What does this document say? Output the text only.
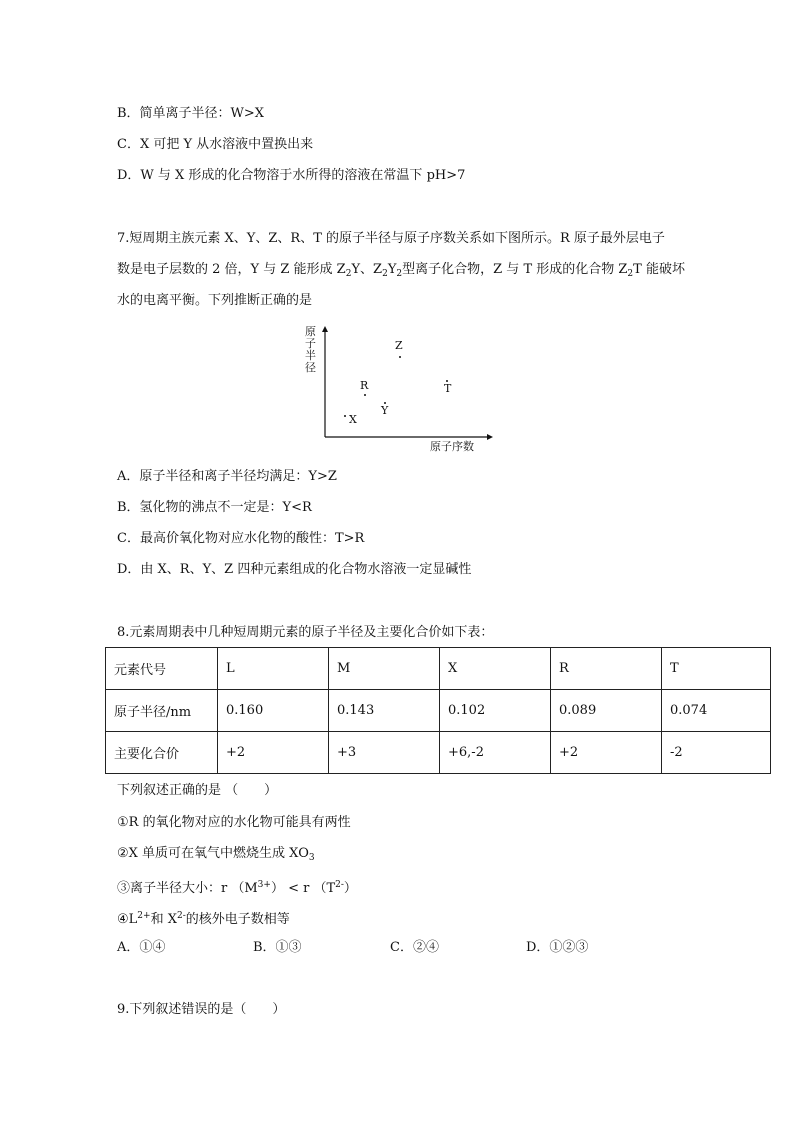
B．简单离子半径：W>X
C．X 可把 Y 从水溶液中置换出来
D．W 与 X 形成的化合物溶于水所得的溶液在常温下 pH>7
7.短周期主族元素 X、Y、Z、R、T 的原子半径与原子序数关系如下图所示。R 原子最外层电子
数是电子层数的 2 倍，Y 与 Z 能形成 $Z_2Y$、$Z_2Y_2$型离子化合物，Z 与 T 形成的化合物 $Z_2T$ 能破坏
水的电离平衡。下列推断正确的是
原子半径
X
R
Y
Z
T
原子序数
A．原子半径和离子半径均满足：Y>Z
B．氢化物的沸点不一定是：Y<R
C．最高价氧化物对应水化物的酸性：T>R
D．由 X、R、Y、Z 四种元素组成的化合物水溶液一定显碱性
8.元素周期表中几种短周期元素的原子半径及主要化合价如下表：
元素代号	L	M	X	R	T
原子半径/nm	0.160	0.143	0.102	0.089	0.074
主要化合价	+2	+3	+6,-2	+2	-2
下列叙述正确的是 （　　）
①R 的氧化物对应的水化物可能具有两性
②X 单质可在氧气中燃烧生成 $XO_3$
③离子半径大小：r $(M^{3+}) < r$ $(T^{2-})$
$④L^{2+}$和 $X^{2-}$的核外电子数相等
A．①④	B．①③	C．②④	D．①②③
9.下列叙述错误的是（　　）
